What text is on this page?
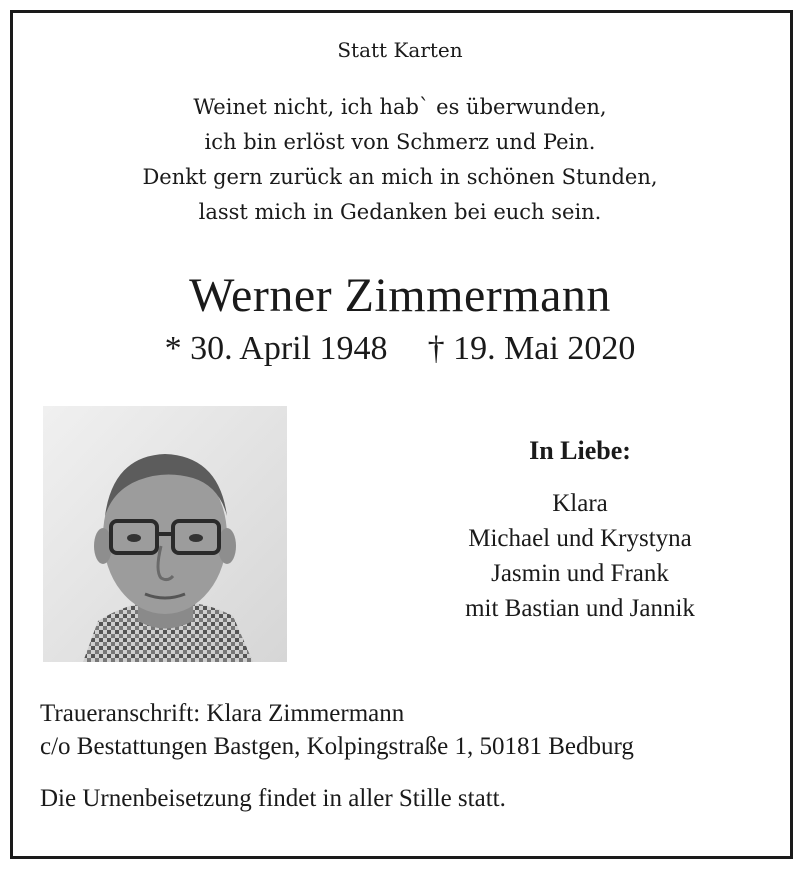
Statt Karten
Weinet nicht, ich hab` es überwunden,
ich bin erlöst von Schmerz und Pein.
Denkt gern zurück an mich in schönen Stunden,
lasst mich in Gedanken bei euch sein.
Werner Zimmermann
* 30. April 1948 † 19. Mai 2020
In Liebe:
Klara
Michael und Krystyna
Jasmin und Frank
mit Bastian und Jannik
Traueranschrift: Klara Zimmermann
c/o Bestattungen Bastgen, Kolpingstraße 1, 50181 Bedburg
Die Urnenbeisetzung findet in aller Stille statt.
